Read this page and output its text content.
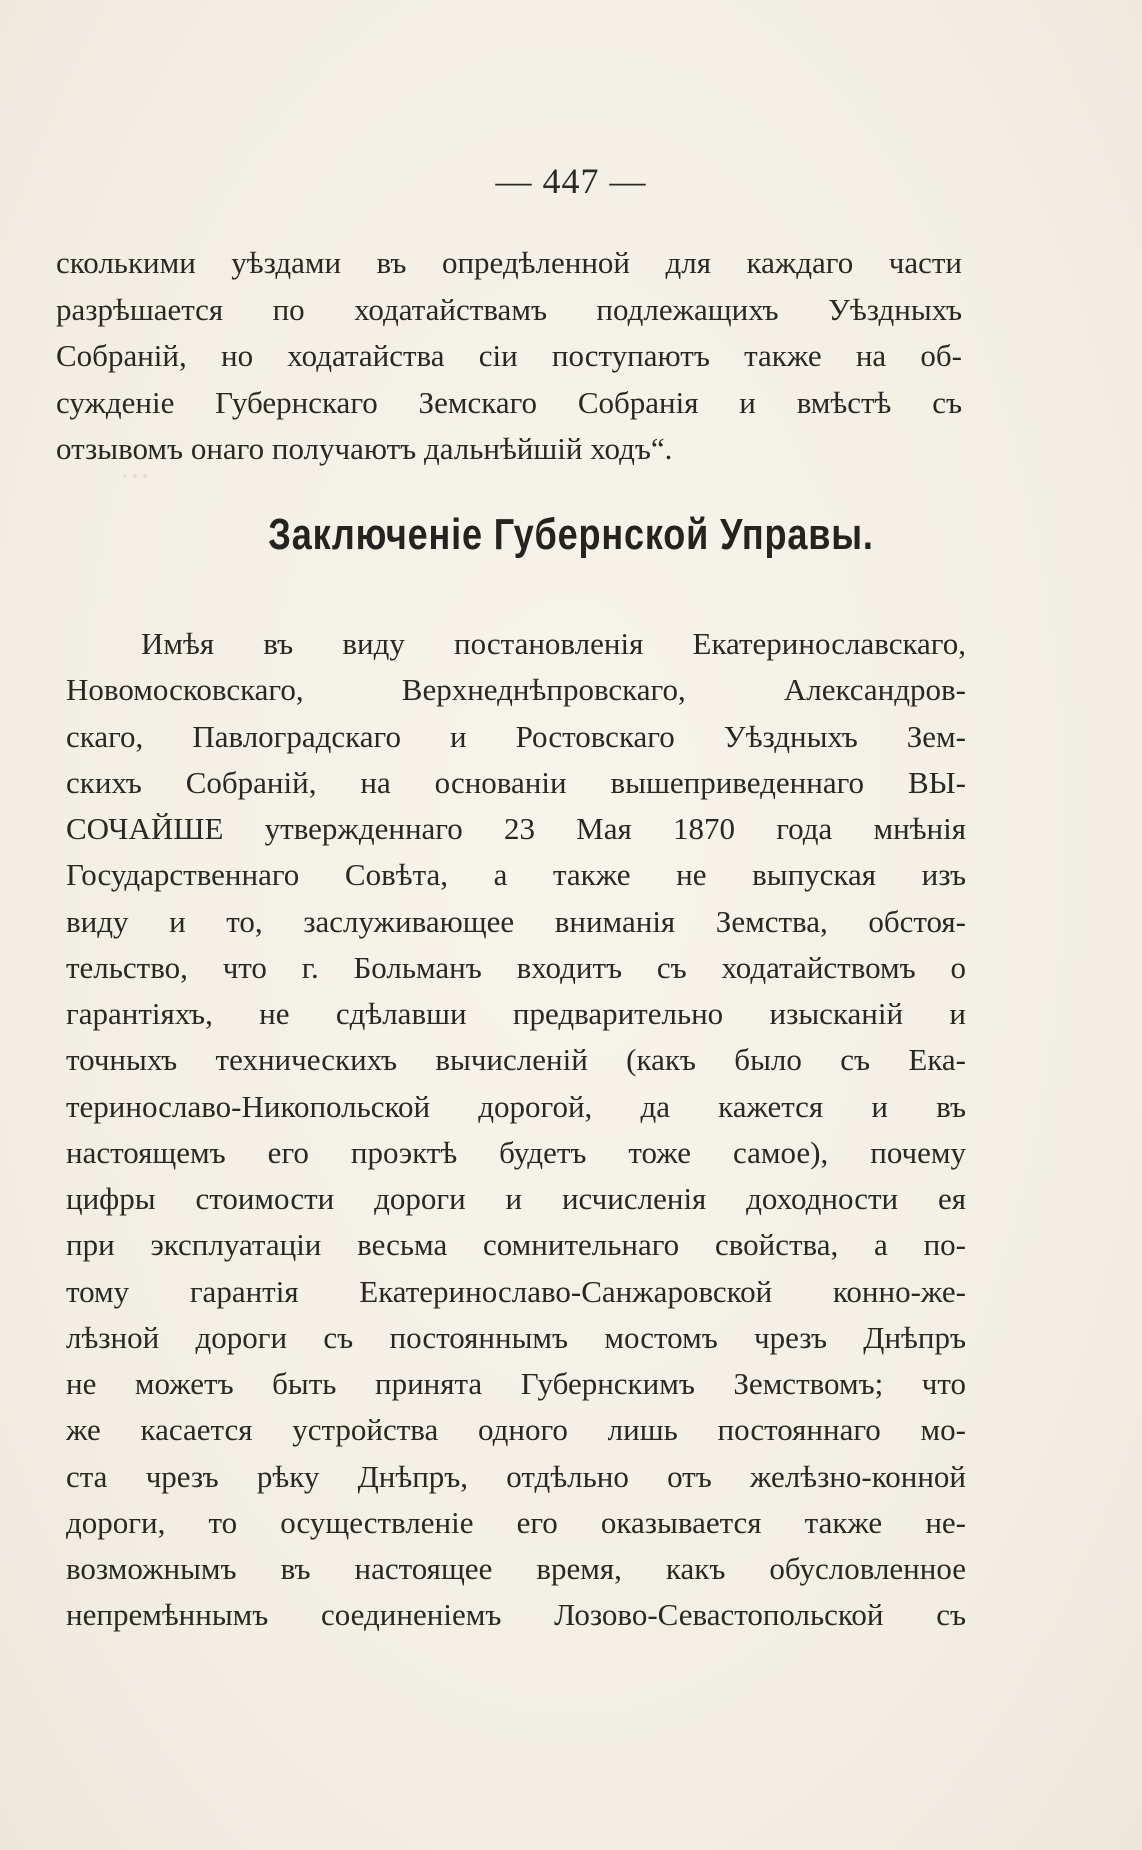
···
— 447 —
сколькими уѣздами въ опредѣленной для каждаго части
разрѣшается по ходатайствамъ подлежащихъ Уѣздныхъ
Собраній, но ходатайства сіи поступаютъ также на об-
сужденіе Губернскаго Земскаго Собранія и вмѣстѣ съ
отзывомъ онаго получаютъ дальнѣйшій ходъ“.
Заключеніе Губернской Управы.
Имѣя въ виду постановленія Екатеринославскаго,
Новомосковскаго, Верхнеднѣпровскаго, Александров-
скаго, Павлоградскаго и Ростовскаго Уѣздныхъ Зем-
скихъ Собраній, на основаніи вышеприведеннаго ВЫ-
СОЧАЙШЕ утвержденнаго 23 Мая 1870 года мнѣнія
Государственнаго Совѣта, а также не выпуская изъ
виду и то, заслуживающее вниманія Земства, обстоя-
тельство, что г. Больманъ входитъ съ ходатайствомъ о
гарантіяхъ, не сдѣлавши предварительно изысканій и
точныхъ техническихъ вычисленій (какъ было съ Ека-
теринославо-Никопольской дорогой, да кажется и въ
настоящемъ его проэктѣ будетъ тоже самое), почему
цифры стоимости дороги и исчисленія доходности ея
при эксплуатаціи весьма сомнительнаго свойства, а по-
тому гарантія Екатеринославо-Санжаровской конно-же-
лѣзной дороги съ постояннымъ мостомъ чрезъ Днѣпръ
не можетъ быть принята Губернскимъ Земствомъ; что
же касается устройства одного лишь постояннаго мо-
ста чрезъ рѣку Днѣпръ, отдѣльно отъ желѣзно-конной
дороги, то осуществленіе его оказывается также не-
возможнымъ въ настоящее время, какъ обусловленное
непремѣннымъ соединеніемъ Лозово-Севастопольской съ
